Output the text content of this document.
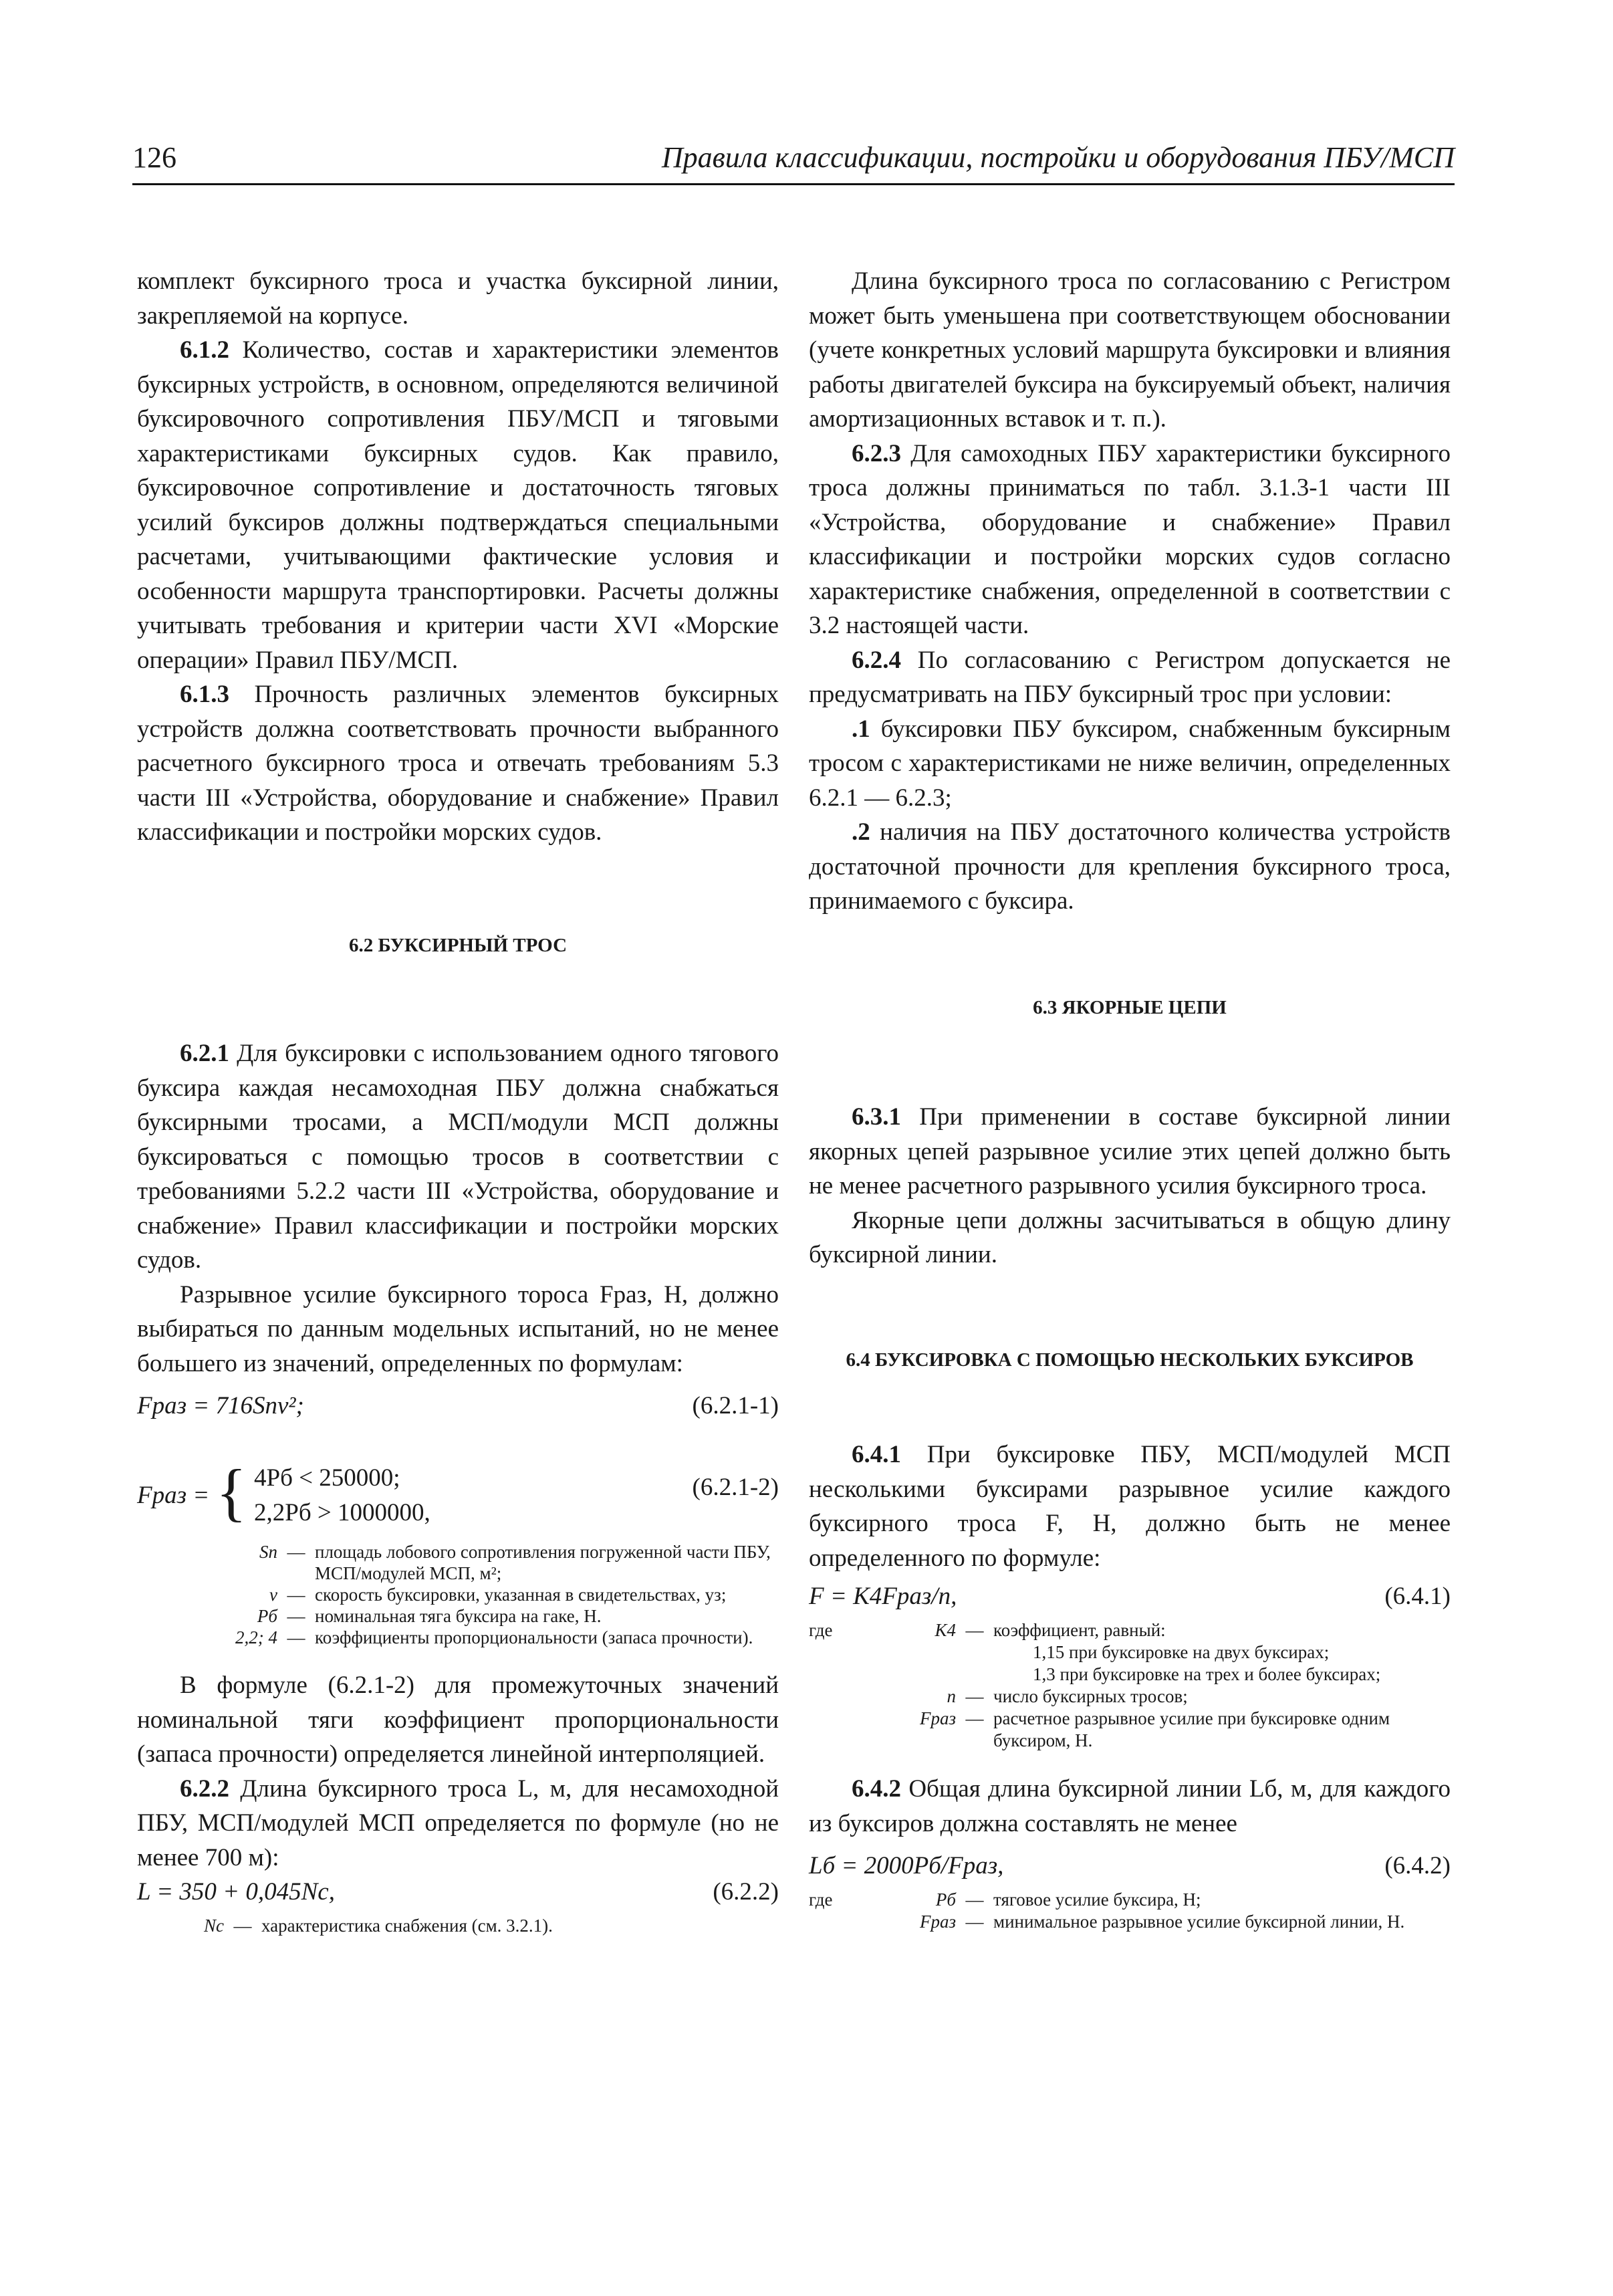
126	Правила классификации, постройки и оборудования ПБУ/МСП

комплект буксирного троса и участка буксирной линии, закрепляемой на корпусе.

6.1.2 Количество, состав и характеристики элементов буксирных устройств, в основном, определяются величиной буксировочного сопротивления ПБУ/МСП и тяговыми характеристиками буксирных судов. Как правило, буксировочное сопротивление и достаточность тяговых усилий буксиров должны подтверждаться специальными расчетами, учитывающими фактические условия и особенности маршрута транспортировки. Расчеты должны учитывать требования и критерии части XVI «Морские операции» Правил ПБУ/МСП.

6.1.3 Прочность различных элементов буксирных устройств должна соответствовать прочности выбранного расчетного буксирного троса и отвечать требованиям 5.3 части III «Устройства, оборудование и снабжение» Правил классификации и постройки морских судов.

6.2 БУКСИРНЫЙ ТРОС

6.2.1 Для буксировки с использованием одного тягового буксира каждая несамоходная ПБУ должна снабжаться буксирными тросами, а МСП/модули МСП должны буксироваться с помощью тросов в соответствии с требованиями 5.2.2 части III «Устройства, оборудование и снабжение» Правил классификации и постройки морских судов.

Разрывное усилие буксирного тороса Fраз, Н, должно выбираться по данным модельных испытаний, но не менее большего из значений, определенных по формулам:

Fраз = 716Snv²;	(6.2.1-1)
Fраз = { 4Pб < 250000;
2,2Pб > 1000000,
(6.2.1-2)
Sn — площадь лобового сопротивления погруженной части ПБУ, МСП/модулей МСП, м²;
v — скорость буксировки, указанная в свидетельствах, уз;
Pб — номинальная тяга буксира на гаке, Н.
2,2; 4 — коэффициенты пропорциональности (запаса прочности).

В формуле (6.2.1-2) для промежуточных значений номинальной тяги коэффициент пропорциональности (запаса прочности) определяется линейной интерполяцией.

6.2.2 Длина буксирного троса L, м, для несамоходной ПБУ, МСП/модулей МСП определяется по формуле (но не менее 700 м):

L = 350 + 0,045Nc,	(6.2.2)
Nc — характеристика снабжения (см. 3.2.1).

Длина буксирного троса по согласованию с Регистром может быть уменьшена при соответствующем обосновании (учете конкретных условий маршрута буксировки и влияния работы двигателей буксира на буксируемый объект, наличия амортизационных вставок и т. п.).

6.2.3 Для самоходных ПБУ характеристики буксирного троса должны приниматься по табл. 3.1.3-1 части III «Устройства, оборудование и снабжение» Правил классификации и постройки морских судов согласно характеристике снабжения, определенной в соответствии с 3.2 настоящей части.

6.2.4 По согласованию с Регистром допускается не предусматривать на ПБУ буксирный трос при условии:

.1 буксировки ПБУ буксиром, снабженным буксирным тросом с характеристиками не ниже величин, определенных 6.2.1 — 6.2.3;

.2 наличия на ПБУ достаточного количества устройств достаточной прочности для крепления буксирного троса, принимаемого с буксира.

6.3 ЯКОРНЫЕ ЦЕПИ

6.3.1 При применении в составе буксирной линии якорных цепей разрывное усилие этих цепей должно быть не менее расчетного разрывного усилия буксирного троса.

Якорные цепи должны засчитываться в общую длину буксирной линии.

6.4 БУКСИРОВКА С ПОМОЩЬЮ НЕСКОЛЬКИХ БУКСИРОВ

6.4.1 При буксировке ПБУ, МСП/модулей МСП несколькими буксирами разрывное усилие каждого буксирного троса F, Н, должно быть не менее определенного по формуле:

F = K4Fраз/n,	(6.4.1)
где	K4 — коэффициент, равный:
1,15 при буксировке на двух буксирах;
1,3 при буксировке на трех и более буксирах;
n — число буксирных тросов;
Fраз — расчетное разрывное усилие при буксировке одним буксиром, Н.

6.4.2 Общая длина буксирной линии Lб, м, для каждого из буксиров должна составлять не менее

Lб = 2000Pб/Fраз,	(6.4.2)
где	Pб — тяговое усилие буксира, Н;
Fраз — минимальное разрывное усилие буксирной линии, Н.
